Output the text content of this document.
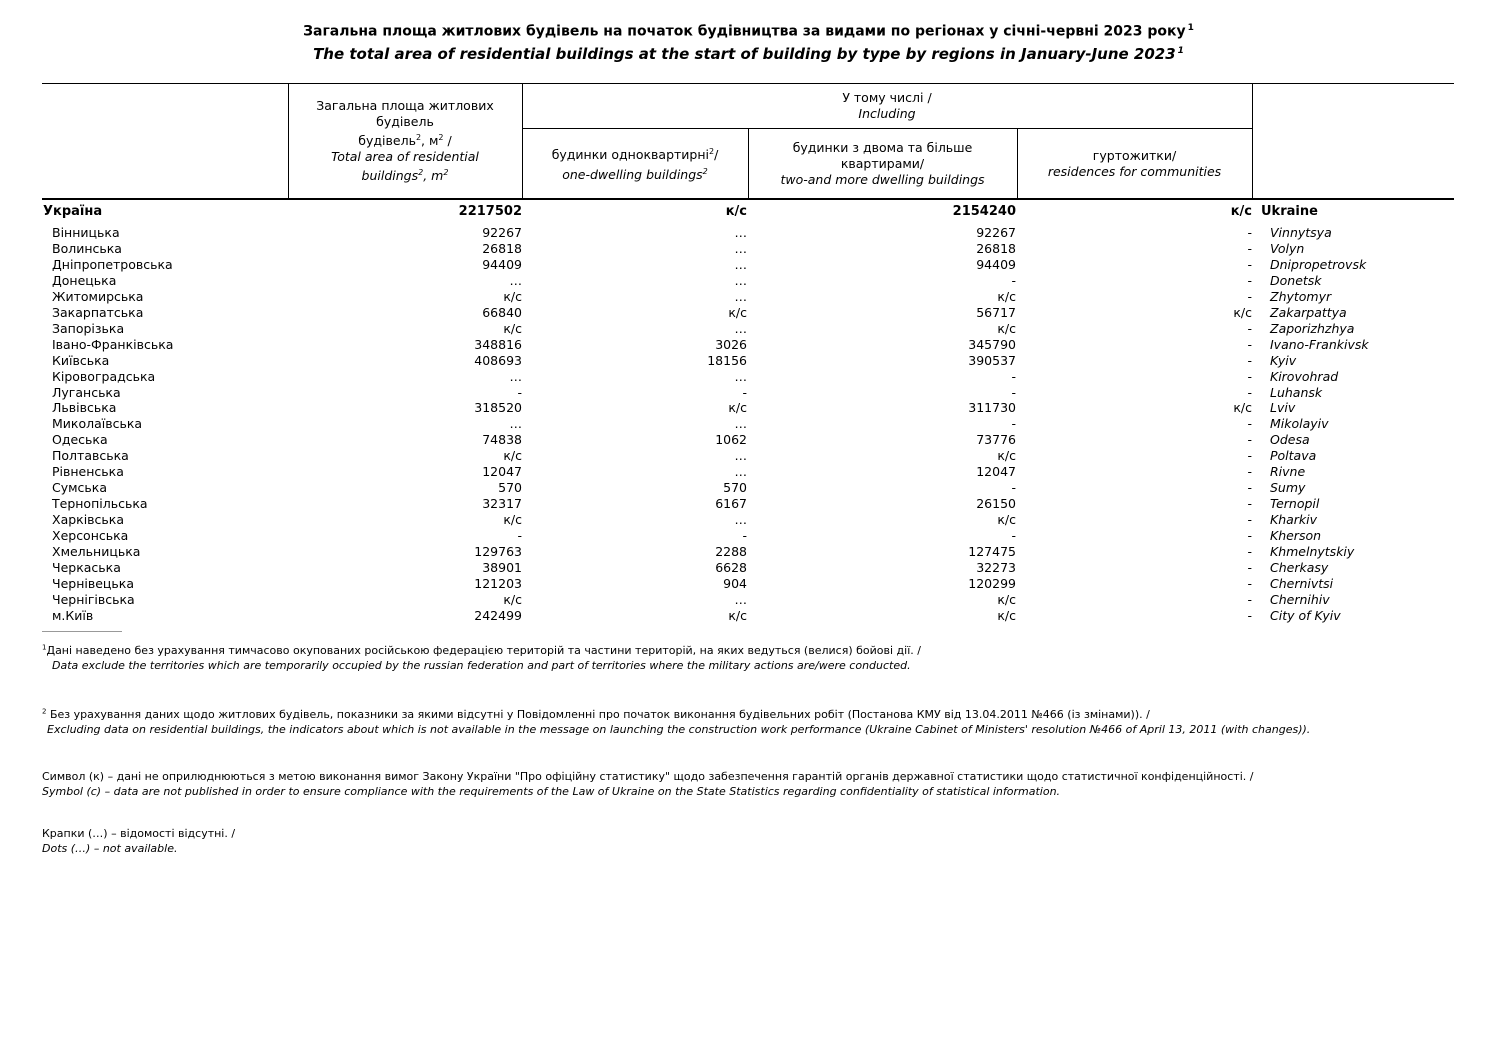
Загальна площа житлових будівель на початок будівництва за видами по регіонах у січні-червні 2023 року $^1$
The total area of residential buildings at the start of building by type by regions in January-June 2023 $^1$
	Загальна площа житлових будівель
будівель$^2$, $м^2$ /
Total area of residential
buildings$^2$, $m^2$	У тому числі /
Including			
		будинки одноквартирні$^2$/
one-dwelling buildings$^2$	будинки з двома та більше квартирами/
two-and more dwelling buildings	гуртожитки/
residences for communities	
Україна	2217502	к/с	2154240	к/с Ukraine
Вінницька	92267	…	92267	- Vinnytsya
Волинська	26818	…	26818	- Volyn
Дніпропетровська	94409	…	94409	- Dnipropetrovsk
Донецька	…	…	-	- Donetsk
Житомирська	к/с	…	к/с	- Zhytomyr
Закарпатська	66840	к/с	56717	к/с Zakarpattya
Запорізька	к/с	…	к/с	- Zaporizhzhya
Івано-Франківська	348816	3026	345790	- Ivano-Frankivsk
Київська	408693	18156	390537	- Kyiv
Кіровоградська	…	…	-	- Kirovohrad
Луганська	-	-	-	- Luhansk
Львівська	318520	к/с	311730	к/с Lviv
Миколаївська	…	…	-	- Mikolayiv
Одеська	74838	1062	73776	- Odesa
Полтавська	к/с	…	к/с	- Poltava
Рівненська	12047	…	12047	- Rivne
Сумська	570	570	-	- Sumy
Тернопільська	32317	6167	26150	- Ternopil
Харківська	к/с	…	к/с	- Kharkiv
Херсонська	-	-	-	- Kherson
Хмельницька	129763	2288	127475	- Khmelnytskiy
Черкаська	38901	6628	32273	- Cherkasy
Чернівецька	121203	904	120299	- Chernivtsi
Чернігівська	к/с	…	к/с	- Chernihiv
м.Київ	242499	к/с	к/с	- City of Kyiv
$^1$Дані наведено без урахування тимчасово окупованих російською федерацією територій та частини територій, на яких ведуться (велися) бойові дії. /
Data exclude the territories which are temporarily occupied by the russian federation and part of territories where the military actions are/were conducted.
$^2$ Без урахування даних щодо житлових будівель, показники за якими відсутні у Повідомленні про початок виконання будівельних робіт (Постанова КМУ від 13.04.2011 №466 (із змінами)). /
Excluding data on residential buildings, the indicators about which is not available in the message on launching the construction work performance (Ukraine Cabinet of Ministers' resolution №466 of April 13, 2011 (with changes)).
Символ (к) – дані не оприлюднюються з метою виконання вимог Закону України "Про офіційну статистику" щодо забезпечення гарантій органів державної статистики щодо статистичної конфіденційності. /
Symbol (c) – data are not published in order to ensure compliance with the requirements of the Law of Ukraine on the State Statistics regarding confidentiality of statistical information.
Крапки (…) – відомості відсутні. /
Dots (…) – not available.
